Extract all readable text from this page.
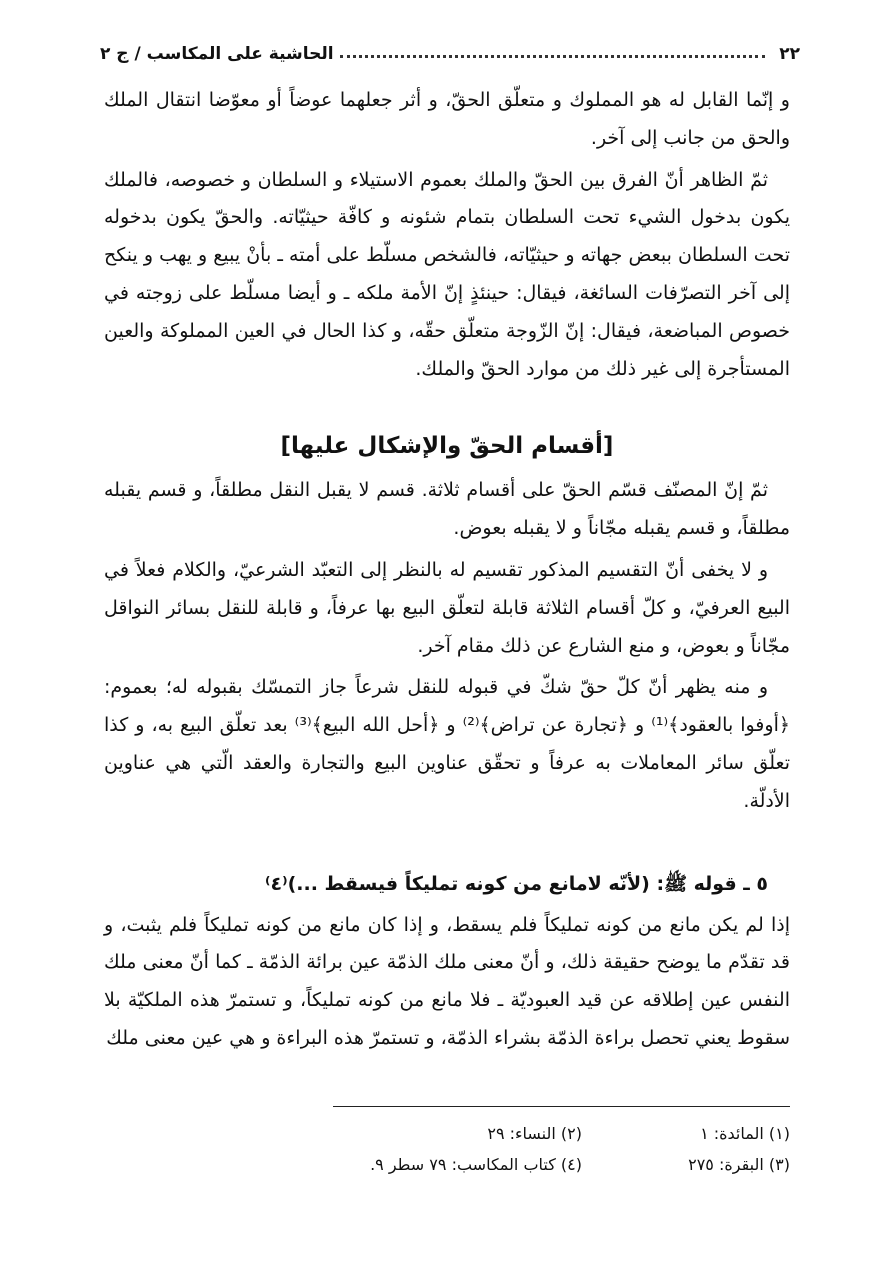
٢٢
الحاشية على المكاسب / ج ٢

و إنّما القابل له هو المملوك و متعلّق الحقّ، و أثر جعلهما عوضاً أو معوّضا انتقال الملك والحق من جانب إلى آخر.

ثمّ الظاهر أنّ الفرق بين الحقّ والملك بعموم الاستيلاء و السلطان و خصوصه، فالملك يكون بدخول الشيء تحت السلطان بتمام شئونه و كافّة حيثيّاته. والحقّ يكون بدخوله تحت السلطان ببعض جهاته و حيثيّاته، فالشخص مسلّط على أمته ـ بأنْ يبيع و يهب و ينكح إلى آخر التصرّفات السائغة، فيقال: حينئذٍ إنّ الأمة ملكه ـ و أيضا مسلّط على زوجته في خصوص المباضعة، فيقال: إنّ الزّوجة متعلّق حقّه، و كذا الحال في العين المملوكة والعين المستأجرة إلى غير ذلك من موارد الحقّ والملك.

[أقسام الحقّ والإشكال عليها]

ثمّ إنّ المصنّف قسّم الحقّ على أقسام ثلاثة. قسم لا يقبل النقل مطلقاً، و قسم يقبله مطلقاً، و قسم يقبله مجّاناً و لا يقبله بعوض.

و لا يخفى أنّ التقسيم المذكور تقسيم له بالنظر إلى التعبّد الشرعيّ، والكلام فعلاً في البيع العرفيّ، و كلّ أقسام الثلاثة قابلة لتعلّق البيع بها عرفاً، و قابلة للنقل بسائر النواقل مجّاناً و بعوض، و منع الشارع عن ذلك مقام آخر.

و منه يظهر أنّ كلّ حقّ شكّ في قبوله للنقل شرعاً جاز التمسّك بقبوله له؛ بعموم: ﴿أوفوا بالعقود﴾⁽¹⁾ و ﴿تجارة عن تراض﴾⁽²⁾ و ﴿أحل الله البيع﴾⁽³⁾ بعد تعلّق البيع به، و كذا تعلّق سائر المعاملات به عرفاً و تحقّق عناوين البيع والتجارة والعقد الّتي هي عناوين الأدلّة.

٥ ـ قوله ﷺ: (لأنّه لامانع من كونه تمليكاً فيسقط ...)⁽٤⁾

إذا لم يكن مانع من كونه تمليكاً فلم يسقط، و إذا كان مانع من كونه تمليكاً فلم يثبت، و قد تقدّم ما يوضح حقيقة ذلك، و أنّ معنى ملك الذمّة عين برائة الذمّة ـ كما أنّ معنى ملك النفس عين إطلاقه عن قيد العبوديّة ـ فلا مانع من كونه تمليكاً، و تستمرّ هذه الملكيّة بلا سقوط يعني تحصل براءة الذمّة بشراء الذمّة، و تستمرّ هذه البراءة و هي عين معنى ملك

(١) المائدة: ١
(٢) النساء: ٢٩
(٣) البقرة: ٢٧٥
(٤) كتاب المكاسب: ٧٩ سطر ٩.
